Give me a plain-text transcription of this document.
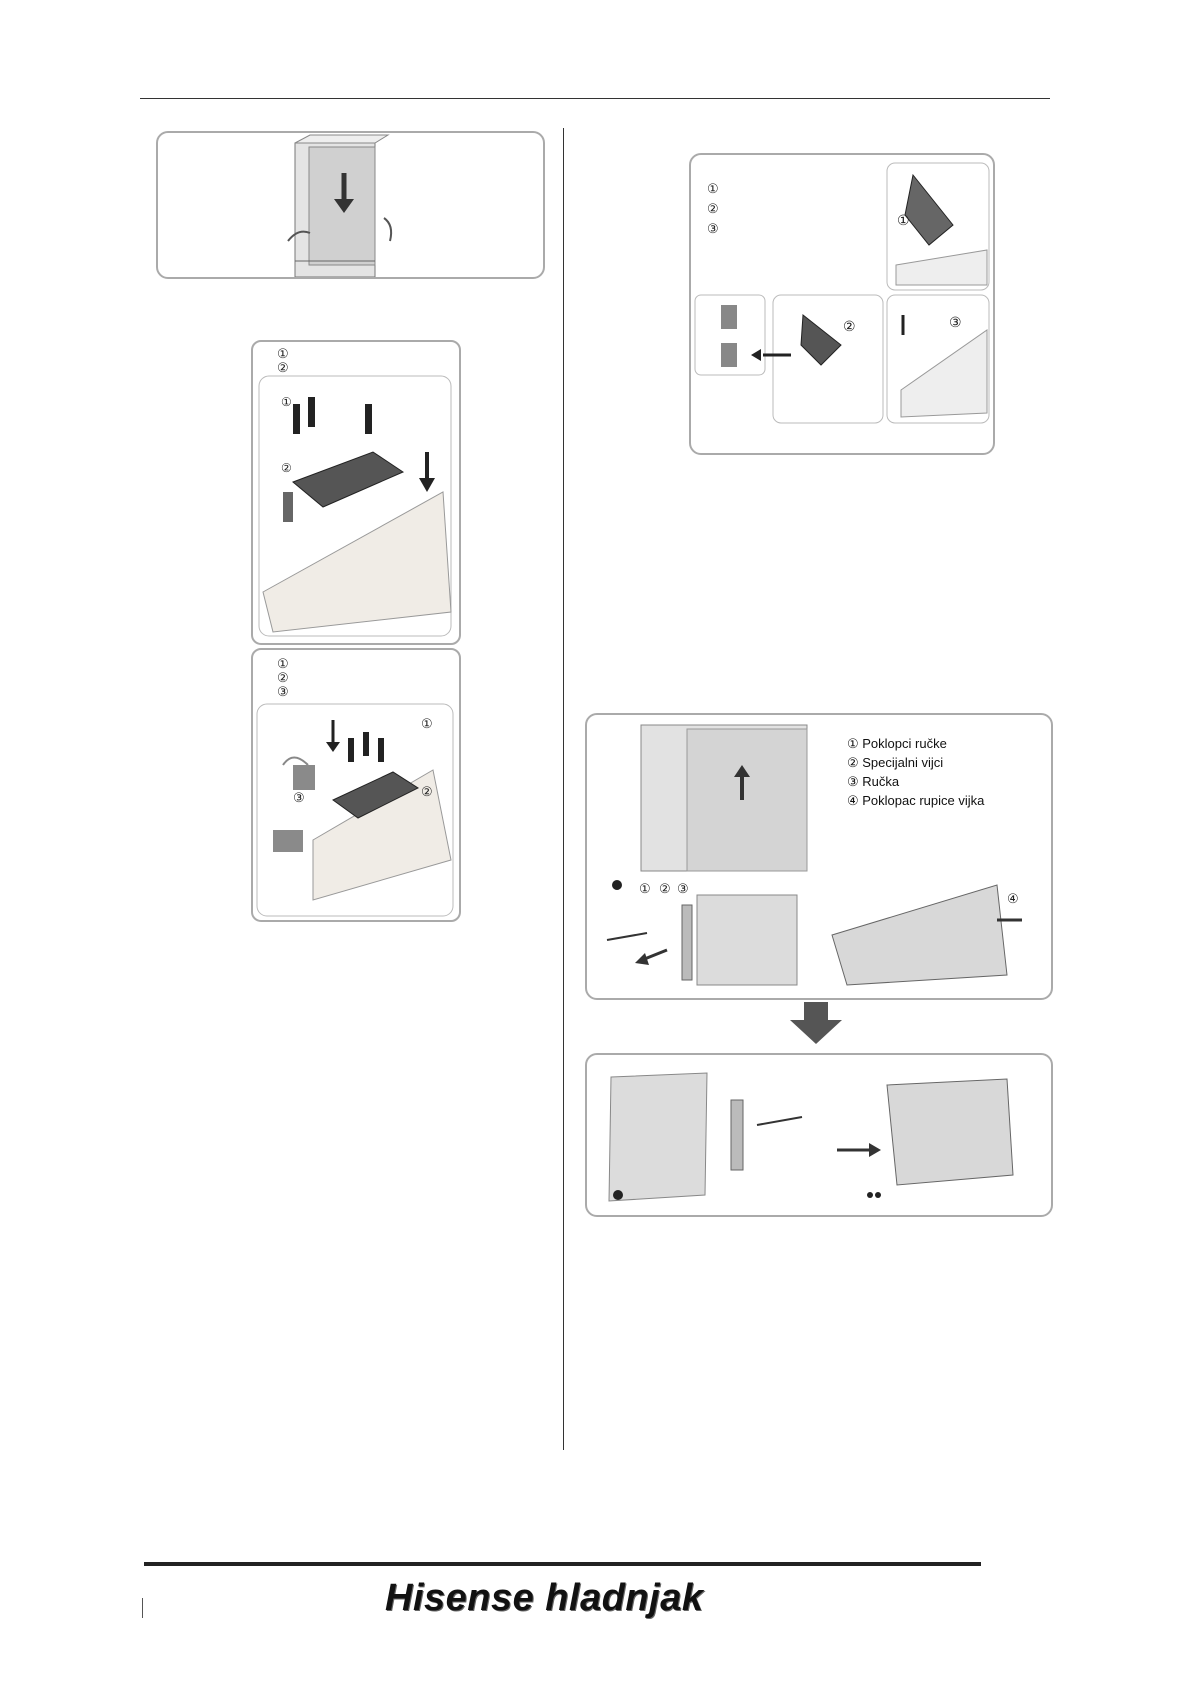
①
②
①
②
①
②
③
①
②
③
①
②
③
①
②	③
① ② ③
④
① Poklopci ručke
② Specijalni vijci
③ Ručka
④ Poklopac rupice vijka
Hisense hladnjak
